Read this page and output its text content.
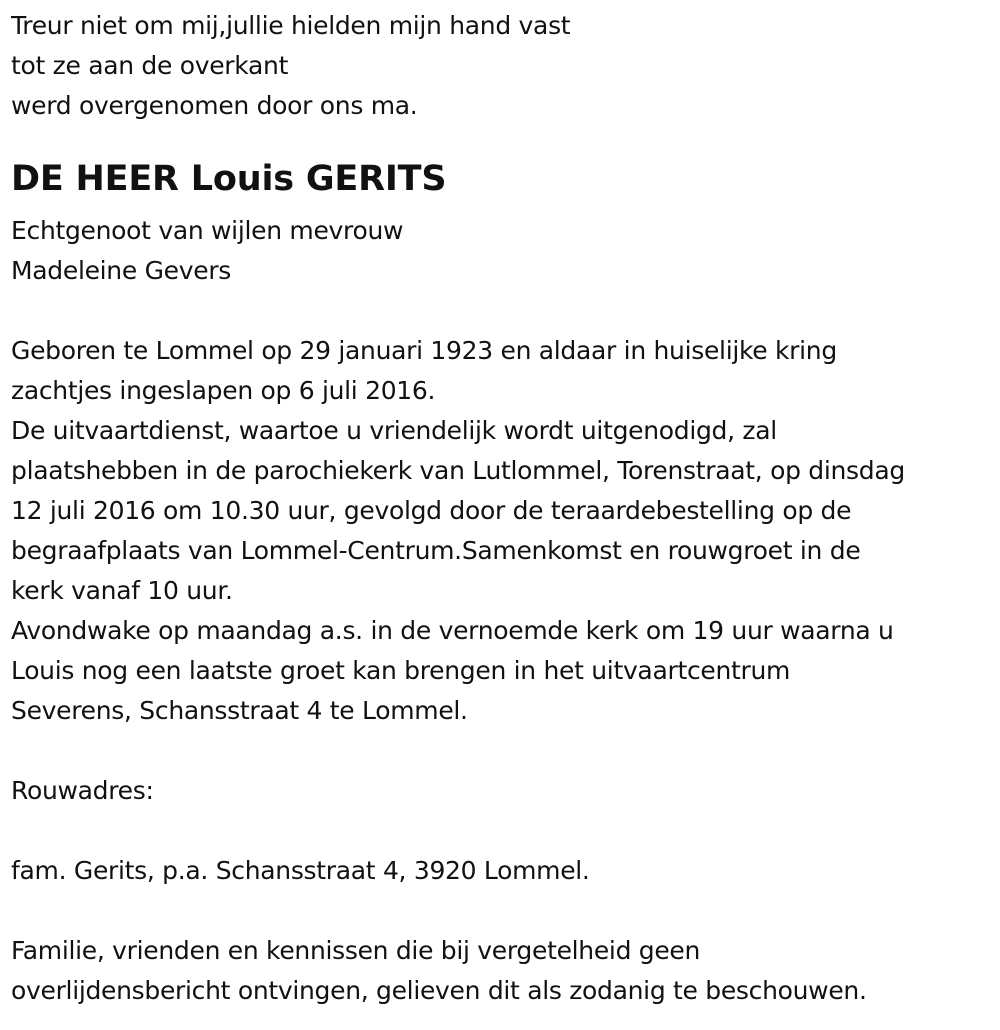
Treur niet om mij,jullie hielden mijn hand vast
tot ze aan de overkant
werd overgenomen door ons ma.
DE HEER Louis GERITS
Echtgenoot van wijlen mevrouw
Madeleine Gevers
Geboren te Lommel op 29 januari 1923 en aldaar in huiselijke kring
zachtjes ingeslapen op 6 juli 2016.
De uitvaartdienst, waartoe u vriendelijk wordt uitgenodigd, zal
plaatshebben in de parochiekerk van Lutlommel, Torenstraat, op dinsdag
12 juli 2016 om 10.30 uur, gevolgd door de teraardebestelling op de
begraafplaats van Lommel-Centrum.Samenkomst en rouwgroet in de
kerk vanaf 10 uur.
Avondwake op maandag a.s. in de vernoemde kerk om 19 uur waarna u
Louis nog een laatste groet kan brengen in het uitvaartcentrum
Severens, Schansstraat 4 te Lommel.
Rouwadres:
fam. Gerits, p.a. Schansstraat 4, 3920 Lommel.
Familie, vrienden en kennissen die bij vergetelheid geen
overlijdensbericht ontvingen, gelieven dit als zodanig te beschouwen.
